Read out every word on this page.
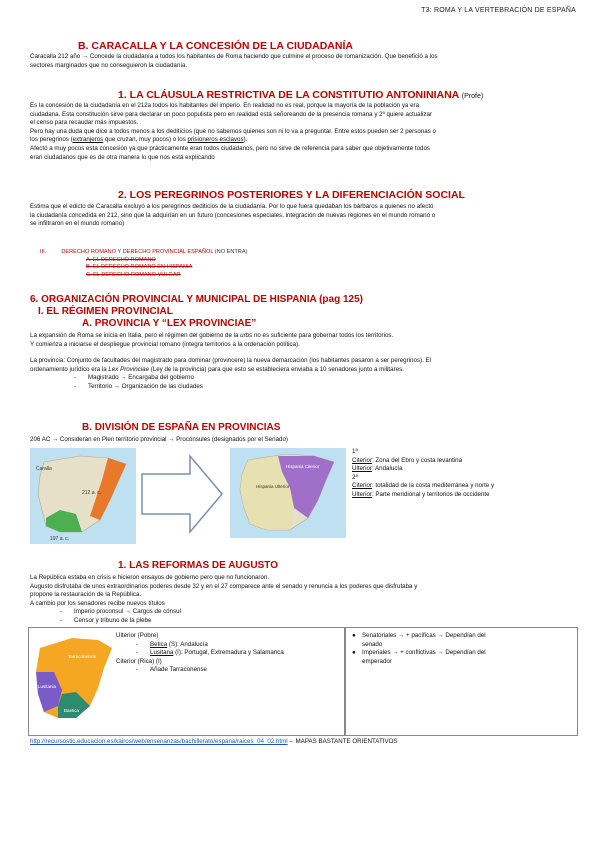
T3: ROMA Y LA VERTEBRACIÓN DE ESPAÑA
B. CARACALLA Y LA CONCESIÓN DE LA CIUDADANÍA
Caracalla 212 año → Concede la ciudadanía a todos los habitantes de Roma haciendo que culmine el proceso de romanización. Que benefició a los
sectores marginados que no conseguieron la ciudadanía.
1. LA CLÁUSULA RESTRICTIVA DE LA CONSTITUTIO ANTONINIANA (Profe)
Es la concesión de la ciudadanía en el 212a todos los habitantes del imperio. En realidad no es real, porque la mayoría de la población ya era
ciudadana. Esta constitución sirve para declarar un poco populista pero en realidad está señoreando de la presencia romana y 2º quiere actualizar
el censo para recaudar más impuestos.
Pero hay una duda que dice a todos menos a los dediticios (que no sabemos quienes son ni lo va a preguntar. Entre estos pueden ser 2 personas o
los peregrinos (extranjeros que cruzan, muy pocos) o los prisioneros esclavos).
Afectó a muy pocos esta concesión ya que prácticamente eran todos ciudadanos, pero no sirve de referencia para saber que objetivamente todos
eran ciudadanos que es de otra manera lo que nos está explicando
2. LOS PEREGRINOS POSTERIORES Y LA DIFERENCIACIÓN SOCIAL
Estima que el edicto de Caracalla excluyó a los peregrinos dediticios de la ciudadanía. Por lo que fuera quedaban los bárbaros a quienes no afectó
la ciudadanía concedida en 212, sino que la adquirían en un futuro (concesiones especiales, integración de nuevas regiones en el mundo romano o
se infiltraron en el mundo romano)
III.	DERECHO ROMANO Y DERECHO PROVINCIAL ESPAÑOL (NO ENTRA)
A. EL DERECHO ROMANO
B. EL DERECHO ROMANO EN HISPANIA
C. EL DERECHO ROMANO VULGAR
6. ORGANIZACIÓN PROVINCIAL Y MUNICIPAL DE HISPANIA (pag 125)
I. EL RÉGIMEN PROVINCIAL
A. PROVINCIA Y “LEX PROVINCIAE”
La expansión de Roma se inicia en Italia, pero el régimen del gobierno de la urbs no es suficiente para gobernar todos los territorios.
Y comienza a iniciarse el despliegue provincial romano (integra territorios a la ordenación política).
La provincia: Conjunto de facultades del magistrado para dominar (provincere) la nueva demarcación (los habitantes pasaron a ser peregrinos). El
ordenamiento jurídico era la Lex Provinciae (Ley de la provincia) para que esto se estableciera enviaba a 10 senadores junto a militares.
- Magistrado → Encargaba del gobierno
- Territorio → Organización de las ciudades
B. DIVISIÓN DE ESPAÑA EN PROVINCIAS
206 AC → Consideran en Plen territorio provincial → Procónsules (designados por el Senado)
Caralla
212 a. c.
197 a. c.
Hispania Citerior
Hispania Ulterior
1ª
Citerior: Zona del Ebro y costa levantina
Ulterior: Andalucía
2ª
Citerior: totalidad de la costa mediterránea y norte y
Ulterior: Parte meridional y territorios de occidente
1. LAS REFORMAS DE AUGUSTO
La República estaba en crisis e hicieron ensayos de gobierno pero que no funcionaron.
Augusto disfrutaba de unos extraordinarios poderes desde 32 y en el 27 comparece ante el senado y renuncia a los poderes que disfrutaba y
propone la restauración de la República.
A cambio por los senadores recibe nuevos títulos
- Imperio proconsul → Cargos de cónsul
- Censor y tribuno de la plebe
Tarraconensis
Lusitania
Baetica
Ulterior (Pobre)
- Betica (S): Andalucía
- Lusitana (I): Portugal, Extremadura y Salamanca
Citerior (Rica) (I)
- Añade Tarraconense
● Senatoriales → + pacíficas → Dependían del
senado
● Imperiales → + conflictivas → Dependían del
emperador
http://recursostic.educacion.es/kairos/web/ensenanzas/bachillerato/espana/raices_04_02.html→ MAPAS BASTANTE ORIENTATIVOS
